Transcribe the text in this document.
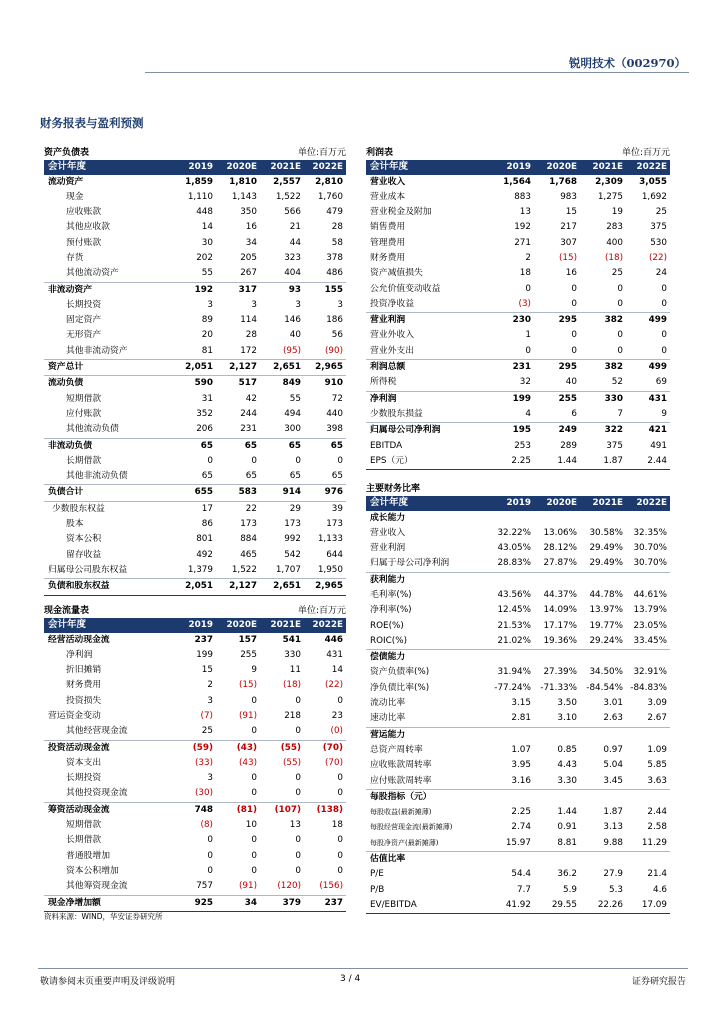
锐明技术（002970）
财务报表与盈利预测
资产负债表	单位:百万元
会计年度	2019	2020E	2021E	2022E
流动资产	1,859	1,810	2,557	2,810
现金	1,110	1,143	1,522	1,760
应收账款	448	350	566	479
其他应收款	14	16	21	28
预付账款	30	34	44	58
存货	202	205	323	378
其他流动资产	55	267	404	486
非流动资产	192	317	93	155
长期投资	3	3	3	3
固定资产	89	114	146	186
无形资产	20	28	40	56
其他非流动资产	81	172	(95)	(90)
资产总计	2,051	2,127	2,651	2,965
流动负债	590	517	849	910
短期借款	31	42	55	72
应付账款	352	244	494	440
其他流动负债	206	231	300	398
非流动负债	65	65	65	65
长期借款	0	0	0	0
其他非流动负债	65	65	65	65
负债合计	655	583	914	976
少数股东权益	17	22	29	39
股本	86	173	173	173
资本公积	801	884	992	1,133
留存收益	492	465	542	644
归属母公司股东权益	1,379	1,522	1,707	1,950
负债和股东权益	2,051	2,127	2,651	2,965
利润表	单位:百万元
会计年度	2019	2020E	2021E	2022E
营业收入	1,564	1,768	2,309	3,055
营业成本	883	983	1,275	1,692
营业税金及附加	13	15	19	25
销售费用	192	217	283	375
管理费用	271	307	400	530
财务费用	2	(15)	(18)	(22)
资产减值损失	18	16	25	24
公允价值变动收益	0	0	0	0
投资净收益	(3)	0	0	0
营业利润	230	295	382	499
营业外收入	1	0	0	0
营业外支出	0	0	0	0
利润总额	231	295	382	499
所得税	32	40	52	69
净利润	199	255	330	431
少数股东损益	4	6	7	9
归属母公司净利润	195	249	322	421
EBITDA	253	289	375	491
EPS（元）	2.25	1.44	1.87	2.44
主要财务比率
会计年度	2019	2020E	2021E	2022E
成长能力				
营业收入	32.22%	13.06%	30.58%	32.35%
营业利润	43.05%	28.12%	29.49%	30.70%
归属于母公司净利润	28.83%	27.87%	29.49%	30.70%
获利能力				
毛利率(%)	43.56%	44.37%	44.78%	44.61%
净利率(%)	12.45%	14.09%	13.97%	13.79%
ROE(%)	21.53%	17.17%	19.77%	23.05%
ROIC(%)	21.02%	19.36%	29.24%	33.45%
偿债能力				
资产负债率(%)	31.94%	27.39%	34.50%	32.91%
净负债比率(%)	-77.24%	-71.33%	-84.54%	-84.83%
流动比率	3.15	3.50	3.01	3.09
速动比率	2.81	3.10	2.63	2.67
营运能力				
总资产周转率	1.07	0.85	0.97	1.09
应收账款周转率	3.95	4.43	5.04	5.85
应付账款周转率	3.16	3.30	3.45	3.63
每股指标（元）				
每股收益(最新摊薄)	2.25	1.44	1.87	2.44
每股经营现金流(最新摊薄)	2.74	0.91	3.13	2.58
每股净资产(最新摊薄)	15.97	8.81	9.88	11.29
估值比率				
P/E	54.4	36.2	27.9	21.4
P/B	7.7	5.9	5.3	4.6
EV/EBITDA	41.92	29.55	22.26	17.09
现金流量表	单位:百万元
会计年度	2019	2020E	2021E	2022E
经营活动现金流	237	157	541	446
净利润	199	255	330	431
折旧摊销	15	9	11	14
财务费用	2	(15)	(18)	(22)
投资损失	3	0	0	0
营运资金变动	(7)	(91)	218	23
其他经营现金流	25	0	0	(0)
投资活动现金流	(59)	(43)	(55)	(70)
资本支出	(33)	(43)	(55)	(70)
长期投资	3	0	0	0
其他投资现金流	(30)	0	0	0
筹资活动现金流	748	(81)	(107)	(138)
短期借款	(8)	10	13	18
长期借款	0	0	0	0
普通股增加	0	0	0	0
资本公积增加	0	0	0	0
其他筹资现金流	757	(91)	(120)	(156)
现金净增加额	925	34	379	237
资料来源：WIND，华安证券研究所
敬请参阅末页重要声明及评级说明	3 / 4	证券研究报告
